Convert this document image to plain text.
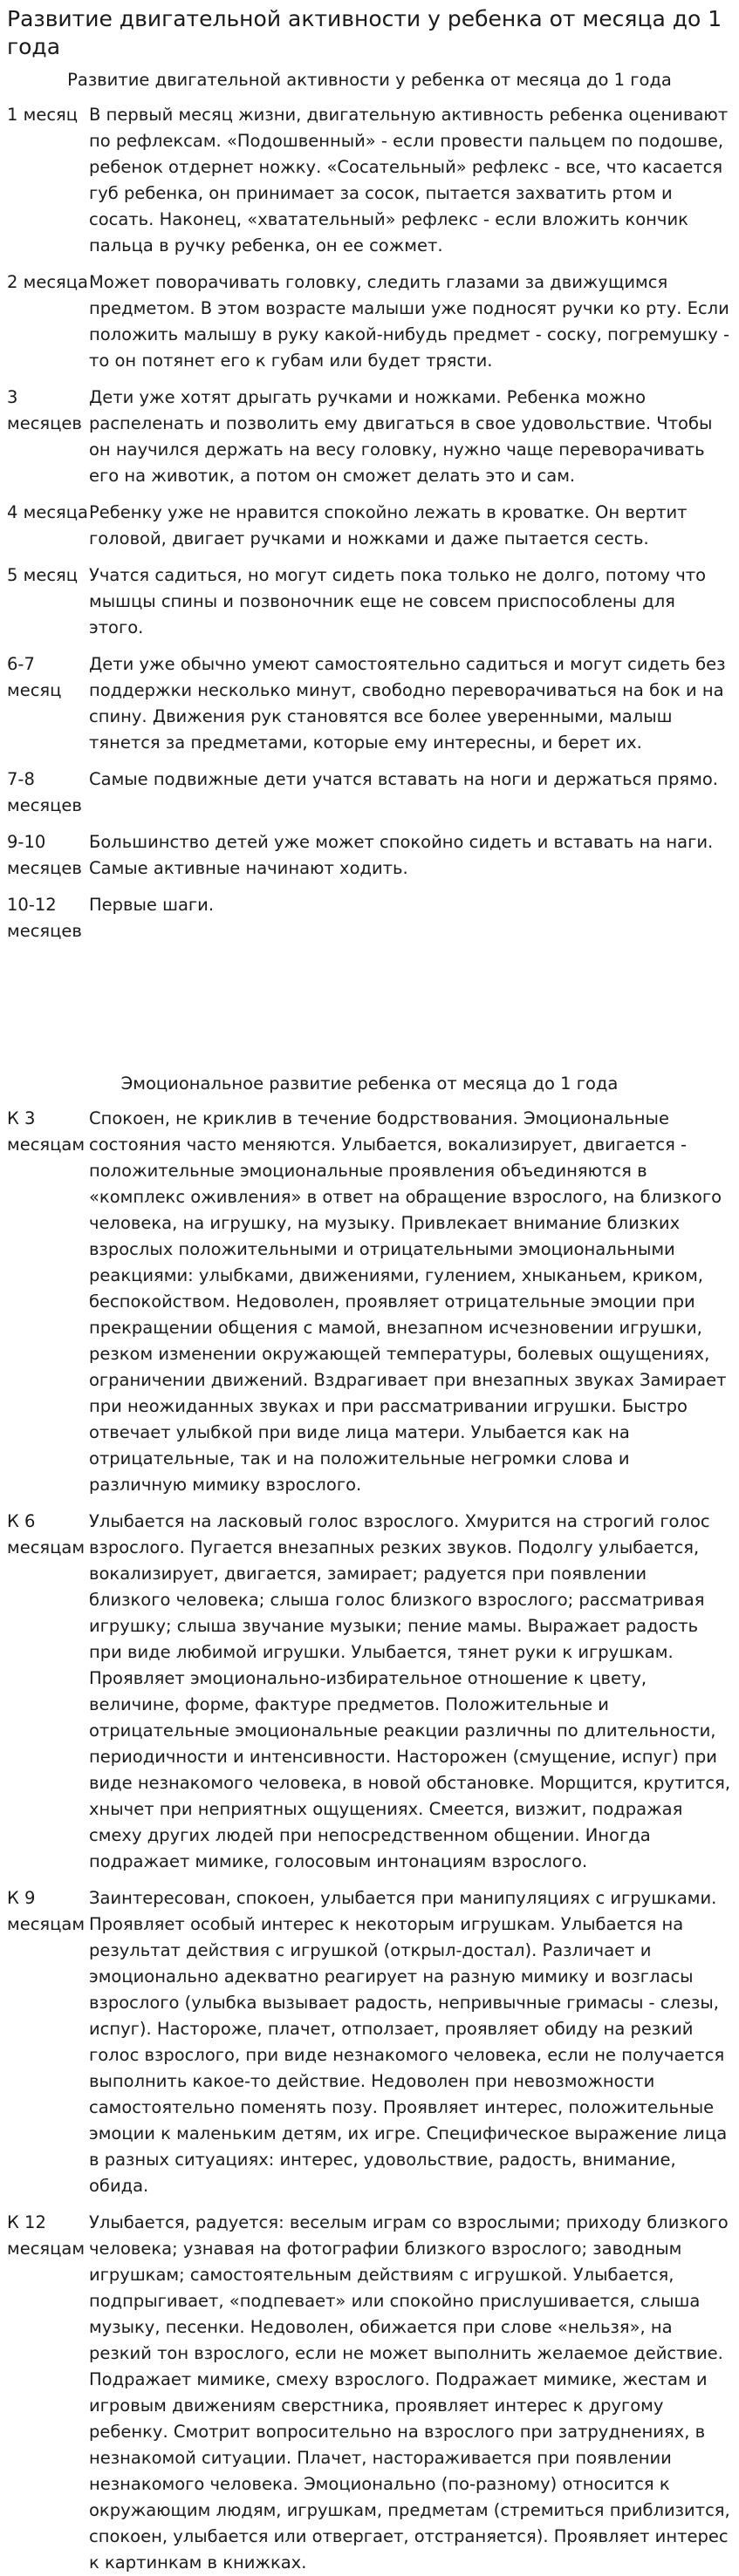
Развитие двигательной активности у ребенка от месяца до 1 года
Развитие двигательной активности у ребенка от месяца до 1 года
1 месяц В первый месяц жизни, двигательную активность ребенка оценивают по рефлексам. «Подошвенный» - если провести пальцем по подошве, ребенок отдернет ножку. «Сосательный» рефлекс - все, что касается губ ребенка, он принимает за сосок, пытается захватить ртом и сосать. Наконец, «хватательный» рефлекс - если вложить кончик пальца в ручку ребенка, он ее сожмет.
2 месяца Может поворачивать головку, следить глазами за движущимся предметом. В этом возрасте малыши уже подносят ручки ко рту. Если положить малышу в руку какой-нибудь предмет - соску, погремушку - то он потянет его к губам или будет трясти.
3 месяцев
Дети уже хотят дрыгать ручками и ножками. Ребенка можно распеленать и позволить ему двигаться в свое удовольствие. Чтобы он научился держать на весу головку, нужно чаще переворачивать его на животик, а потом он сможет делать это и сам.
4 месяца Ребенку уже не нравится спокойно лежать в кроватке. Он вертит головой, двигает ручками и ножками и даже пытается сесть.
5 месяц Учатся садиться, но могут сидеть пока только не долго, потому что мышцы спины и позвоночник еще не совсем приспособлены для этого.
6-7 месяц
Дети уже обычно умеют самостоятельно садиться и могут сидеть без поддержки несколько минут, свободно переворачиваться на бок и на спину. Движения рук становятся все более уверенными, малыш тянется за предметами, которые ему интересны, и берет их.
7-8 месяцев
Самые подвижные дети учатся вставать на ноги и держаться прямо.
9-10 месяцев
Большинство детей уже может спокойно сидеть и вставать на наги. Самые активные начинают ходить.
10-12 месяцев
Первые шаги.
Эмоциональное развитие ребенка от месяца до 1 года
К 3 месяцам
Спокоен, не криклив в течение бодрствования. Эмоциональные состояния часто меняются. Улыбается, вокализирует, двигается - положительные эмоциональные проявления объединяются в «комплекс оживления» в ответ на обращение взрослого, на близкого человека, на игрушку, на музыку. Привлекает внимание близких взрослых положительными и отрицательными эмоциональными реакциями: улыбками, движениями, гулением, хныканьем, криком, беспокойством. Недоволен, проявляет отрицательные эмоции при прекращении общения с мамой, внезапном исчезновении игрушки, резком изменении окружающей температуры, болевых ощущениях, ограничении движений. Вздрагивает при внезапных звуках Замирает при неожиданных звуках и при рассматривании игрушки. Быстро отвечает улыбкой при виде лица матери. Улыбается как на отрицательные, так и на положительные негромки слова и различную мимику взрослого.
К 6 месяцам
Улыбается на ласковый голос взрослого. Хмурится на строгий голос взрослого. Пугается внезапных резких звуков. Подолгу улыбается, вокализирует, двигается, замирает; радуется при появлении близкого человека; слыша голос близкого взрослого; рассматривая игрушку; слыша звучание музыки; пение мамы. Выражает радость при виде любимой игрушки. Улыбается, тянет руки к игрушкам. Проявляет эмоционально-избирательное отношение к цвету, величине, форме, фактуре предметов. Положительные и отрицательные эмоциональные реакции различны по длительности, периодичности и интенсивности. Насторожен (смущение, испуг) при виде незнакомого человека, в новой обстановке. Морщится, крутится, хнычет при неприятных ощущениях. Смеется, визжит, подражая смеху других людей при непосредственном общении. Иногда подражает мимике, голосовым интонациям взрослого.
К 9 месяцам
Заинтересован, спокоен, улыбается при манипуляциях с игрушками. Проявляет особый интерес к некоторым игрушкам. Улыбается на результат действия с игрушкой (открыл-достал). Различает и эмоционально адекватно реагирует на разную мимику и возгласы взрослого (улыбка вызывает радость, непривычные гримасы - слезы, испуг). Настороже, плачет, отползает, проявляет обиду на резкий голос взрослого, при виде незнакомого человека, если не получается выполнить какое-то действие. Недоволен при невозможности самостоятельно поменять позу. Проявляет интерес, положительные эмоции к маленьким детям, их игре. Специфическое выражение лица в разных ситуациях: интерес, удовольствие, радость, внимание, обида.
К 12 месяцам
Улыбается, радуется: веселым играм со взрослыми; приходу близкого человека; узнавая на фотографии близкого взрослого; заводным игрушкам; самостоятельным действиям с игрушкой. Улыбается, подпрыгивает, «подпевает» или спокойно прислушивается, слыша музыку, песенки. Недоволен, обижается при слове «нельзя», на резкий тон взрослого, если не может выполнить желаемое действие. Подражает мимике, смеху взрослого. Подражает мимике, жестам и игровым движениям сверстника, проявляет интерес к другому ребенку. Смотрит вопросительно на взрослого при затруднениях, в незнакомой ситуации. Плачет, настораживается при появлении незнакомого человека. Эмоционально (по-разному) относится к окружающим людям, игрушкам, предметам (стремиться приблизится, спокоен, улыбается или отвергает, отстраняется). Проявляет интерес к картинкам в книжках.
